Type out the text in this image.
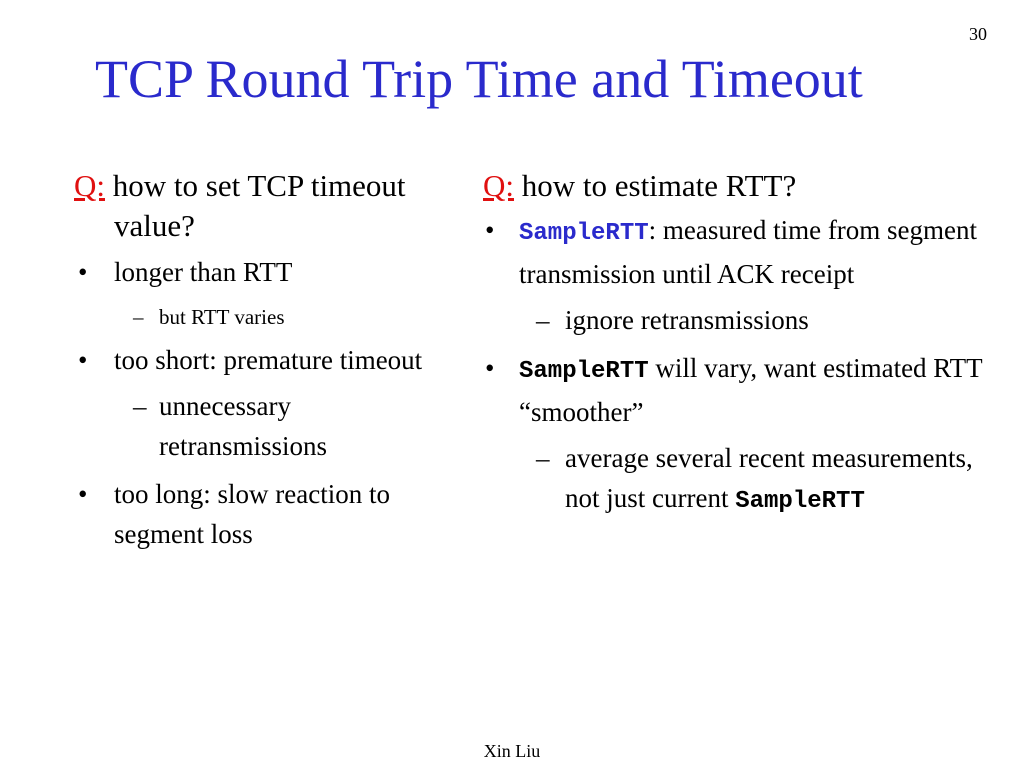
30
TCP Round Trip Time and Timeout

Q: how to set TCP timeout value?

• longer than RTT
– but RTT varies
• too short: premature timeout
– unnecessary retransmissions
• too long: slow reaction to segment loss

Q: how to estimate RTT?

• SampleRTT: measured time from segment transmission until ACK receipt
– ignore retransmissions
• SampleRTT will vary, want estimated RTT “smoother”
– average several recent measurements, not just current SampleRTT
Xin Liu
